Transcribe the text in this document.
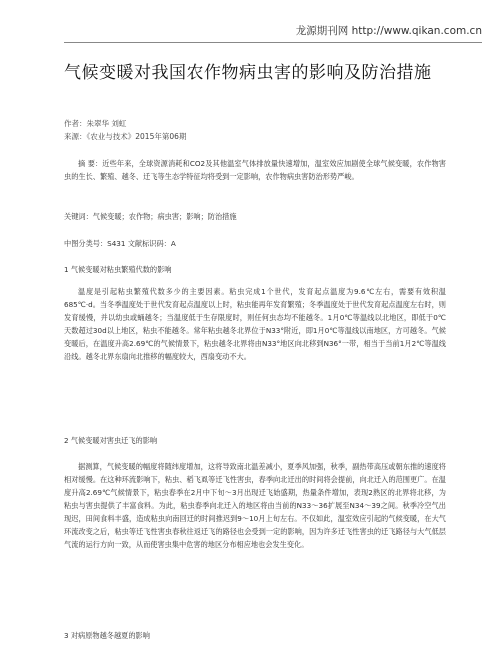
龙源期刊网 http://www.qikan.com.cn
气候变暖对我国农作物病虫害的影响及防治措施
作者：朱翠华 刘虹
来源：《农业与技术》2015年第06期
摘 要：近些年来，全球资源消耗和CO2及其他温室气体排放量快速增加，温室效应加剧使全球气候变暖，农作物害虫的生长、繁殖、越冬、迁飞等生态学特征均将受到一定影响，农作物病虫害防治形势严峻。
关键词：气候变暖；农作物；病虫害；影响；防治措施
中图分类号：S431 文献标识码：A
1 气候变暖对粘虫繁殖代数的影响
温度是引起粘虫繁殖代数多少的主要因素。粘虫完成1个世代，发育起点温度为9.6℃左右，需要有效积温685℃·d。当冬季温度处于世代发育起点温度以上时，粘虫能再年发育繁殖；冬季温度处于世代发育起点温度左右时，则发育缓慢，并以幼虫或蛹越冬；当温度低于生存限度时，则任何虫态均不能越冬。1月0℃等温线以北地区，即低于0℃天数超过30d以上地区，粘虫不能越冬。常年粘虫越冬北界位于N33°附近，即1月0℃等温线以南地区，方可越冬。气候变暖后，在温度升高2.69℃的气候情景下，粘虫越冬北界将由N33°地区向北移到N36°一带，相当于当前1月2℃等温线沿线。越冬北界东扇向北推移的幅度较大，西扇变动不大。
2 气候变暖对害虫迁飞的影响
据测算，气候变暖的幅度将随纬度增加，这将导致南北温差减小，夏季风加强，秋季，副热带高压或朝东推的速度将相对缓慢。在这种环流影响下，粘虫、稻飞虱等迁飞性害虫，春季向北迁出的时间将会提前，向北迁入的范围更广。在温度升高2.69℃气候情景下，粘虫春季在2月中下旬～3月出现迁飞始盛期，热量条件增加，表现2熟区的北界将北移，为粘虫与害虫提供了丰富食料。为此，粘虫春季向北迁入的地区将由当前的N33～36扩展至N34～39之间。秋季冷空气出现迟，田间食料丰盛，造成粘虫向南回迁的时间推迟到9～10月上旬左右。不仅如此，温室效应引起的气候变暖，在大气环流改变之后，粘虫等迁飞性害虫春秋往返迁飞的路径也会受到一定的影响，因为许多迁飞性害虫的迁飞路径与大气低层气流的运行方向一致，从而使害虫集中危害的地区分布相应地也会发生变化。
3 对病原物越冬越夏的影响
